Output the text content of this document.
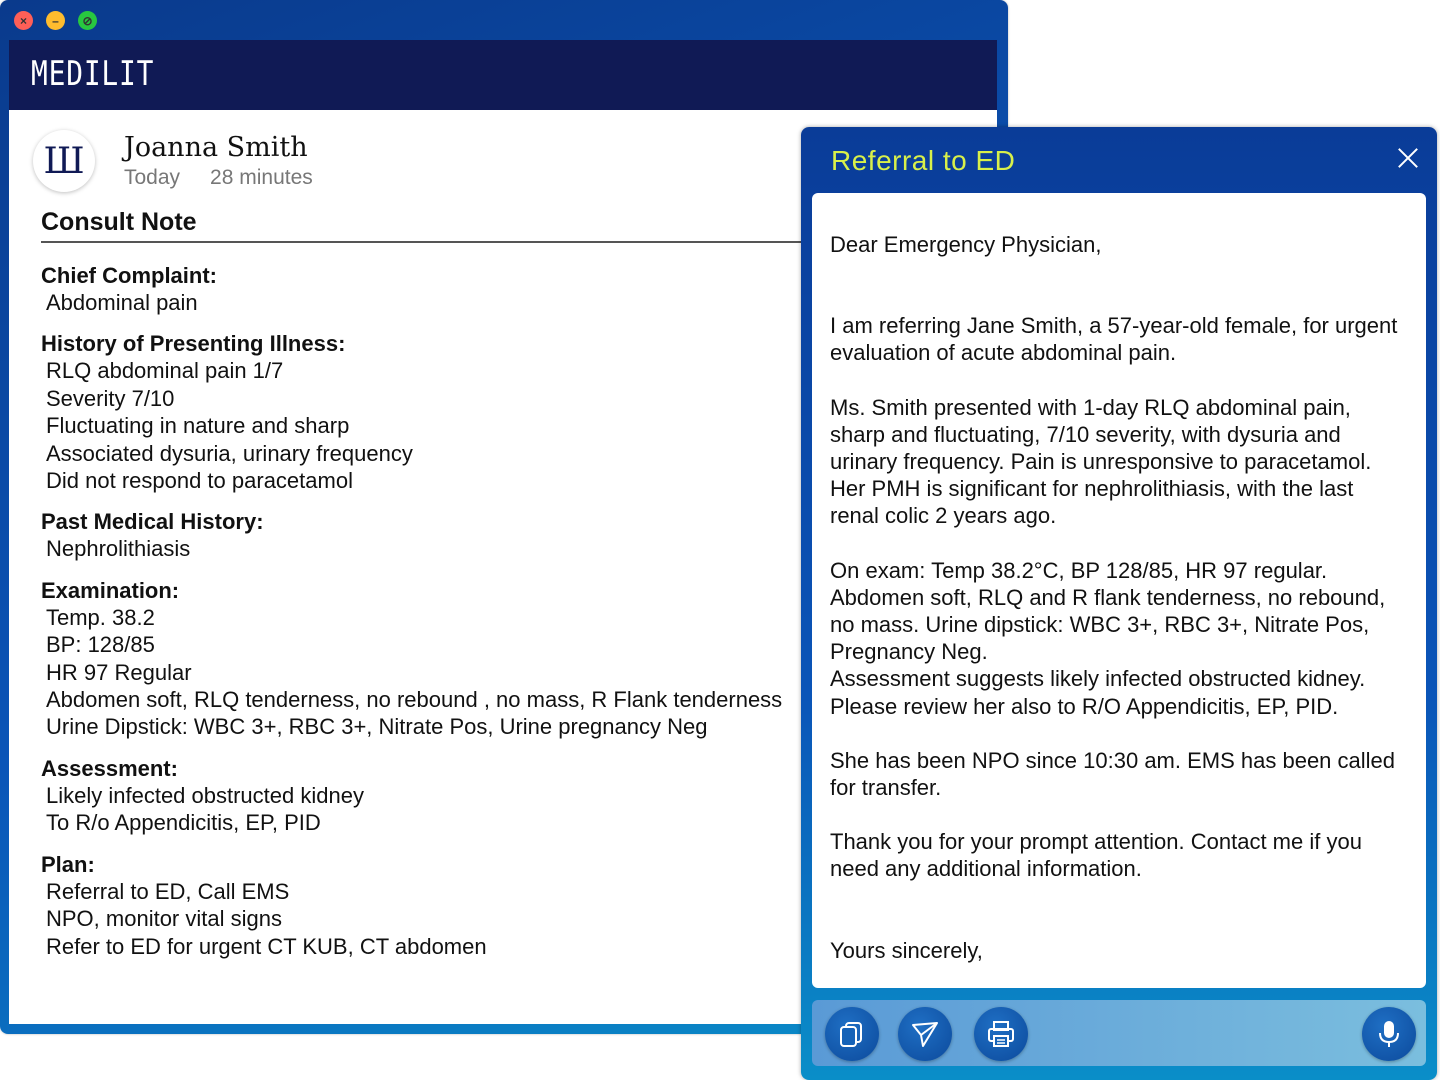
×	–	⊘
MEDILIT
Ш	Joanna Smith
Today 28 minutes
Consult Note
Chief Complaint:
Abdominal pain
History of Presenting Illness:
RLQ abdominal pain 1/7
Severity 7/10
Fluctuating in nature and sharp
Associated dysuria, urinary frequency
Did not respond to paracetamol
Past Medical History:
Nephrolithiasis
Examination:
Temp. 38.2
BP: 128/85
HR 97 Regular
Abdomen soft, RLQ tenderness, no rebound , no mass, R Flank tenderness
Urine Dipstick: WBC 3+, RBC 3+, Nitrate Pos, Urine pregnancy Neg
Assessment:
Likely infected obstructed kidney
To R/o Appendicitis, EP, PID
Plan:
Referral to ED, Call EMS
NPO, monitor vital signs
Refer to ED for urgent CT KUB, CT abdomen
Referral to ED

Dear Emergency Physician,

I am referring Jane Smith, a 57-year-old female, for urgent evaluation of acute abdominal pain.

Ms. Smith presented with 1-day RLQ abdominal pain, sharp and fluctuating, 7/10 severity, with dysuria and urinary frequency. Pain is unresponsive to paracetamol. Her PMH is significant for nephrolithiasis, with the last renal colic 2 years ago.

On exam: Temp 38.2°C, BP 128/85, HR 97 regular. Abdomen soft, RLQ and R flank tenderness, no rebound, no mass. Urine dipstick: WBC 3+, RBC 3+, Nitrate Pos, Pregnancy Neg.

Assessment suggests likely infected obstructed kidney. Please review her also to R/O Appendicitis, EP, PID.

She has been NPO since 10:30 am. EMS has been called for transfer.

Thank you for your prompt attention. Contact me if you need any additional information.

Yours sincerely,
